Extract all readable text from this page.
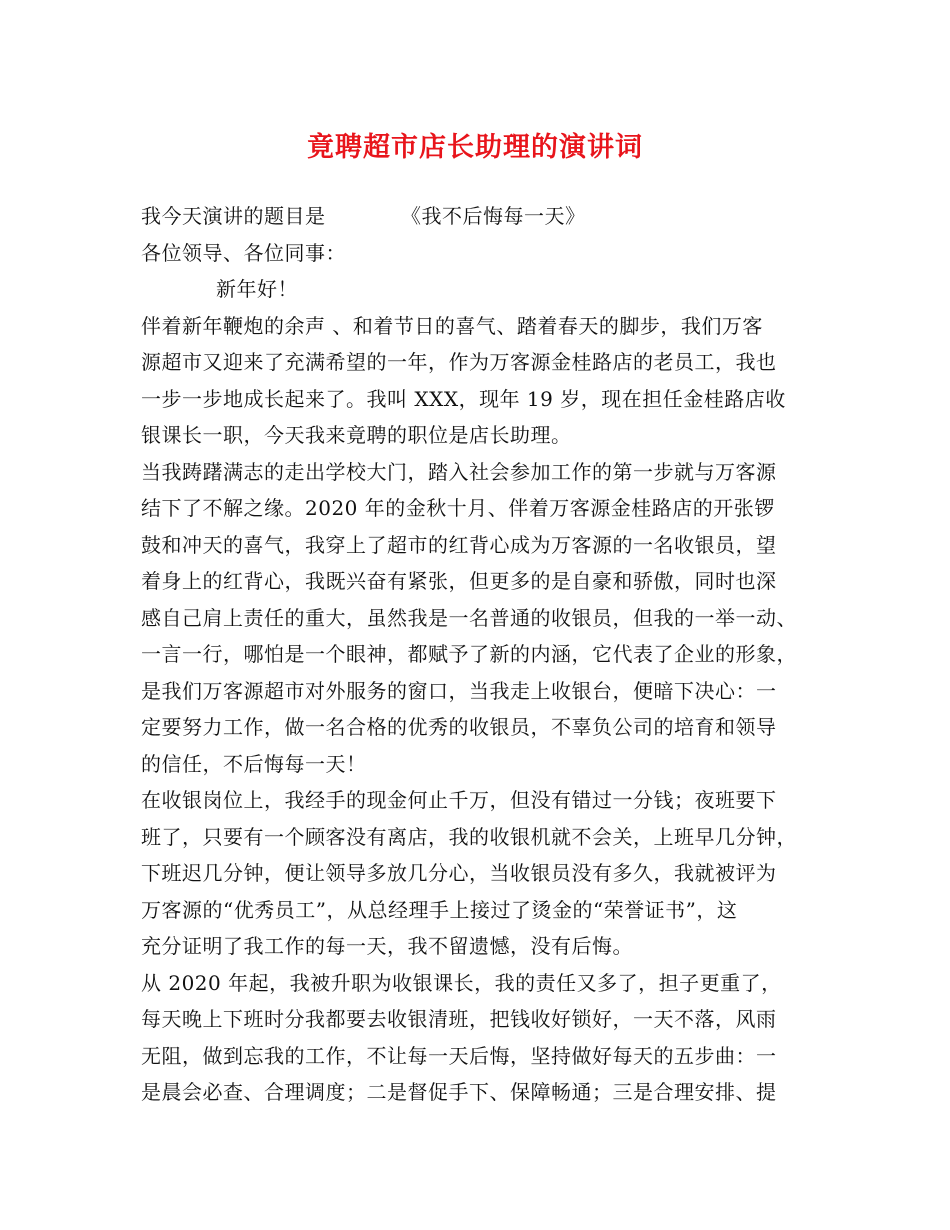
竟聘超市店长助理的演讲词
我今天演讲的题目是	《我不后悔每一天》
各位领导、各位同事：
新年好！
伴着新年鞭炮的余声 、和着节日的喜气、踏着春天的脚步，我们万客
源超市又迎来了充满希望的一年，作为万客源金桂路店的老员工，我也
一步一步地成长起来了。我叫 XXX，现年 19 岁，现在担任金桂路店收
银课长一职，今天我来竟聘的职位是店长助理。
当我踌躇满志的走出学校大门，踏入社会参加工作的第一步就与万客源
结下了不解之缘。2020 年的金秋十月、伴着万客源金桂路店的开张锣
鼓和冲天的喜气，我穿上了超市的红背心成为万客源的一名收银员，望
着身上的红背心，我既兴奋有紧张，但更多的是自豪和骄傲，同时也深
感自己肩上责任的重大，虽然我是一名普通的收银员，但我的一举一动、
一言一行，哪怕是一个眼神，都赋予了新的内涵，它代表了企业的形象，
是我们万客源超市对外服务的窗口，当我走上收银台，便暗下决心：一
定要努力工作，做一名合格的优秀的收银员，不辜负公司的培育和领导
的信任，不后悔每一天！
在收银岗位上，我经手的现金何止千万，但没有错过一分钱；夜班要下
班了，只要有一个顾客没有离店，我的收银机就不会关，上班早几分钟，
下班迟几分钟，便让领导多放几分心，当收银员没有多久，我就被评为
万客源的“优秀员工”，从总经理手上接过了烫金的“荣誉证书”，这
充分证明了我工作的每一天，我不留遗憾，没有后悔。
从 2020 年起，我被升职为收银课长，我的责任又多了，担子更重了，
每天晚上下班时分我都要去收银清班，把钱收好锁好，一天不落，风雨
无阻，做到忘我的工作，不让每一天后悔，坚持做好每天的五步曲：一
是晨会必查、合理调度；二是督促手下、保障畅通；三是合理安排、提
